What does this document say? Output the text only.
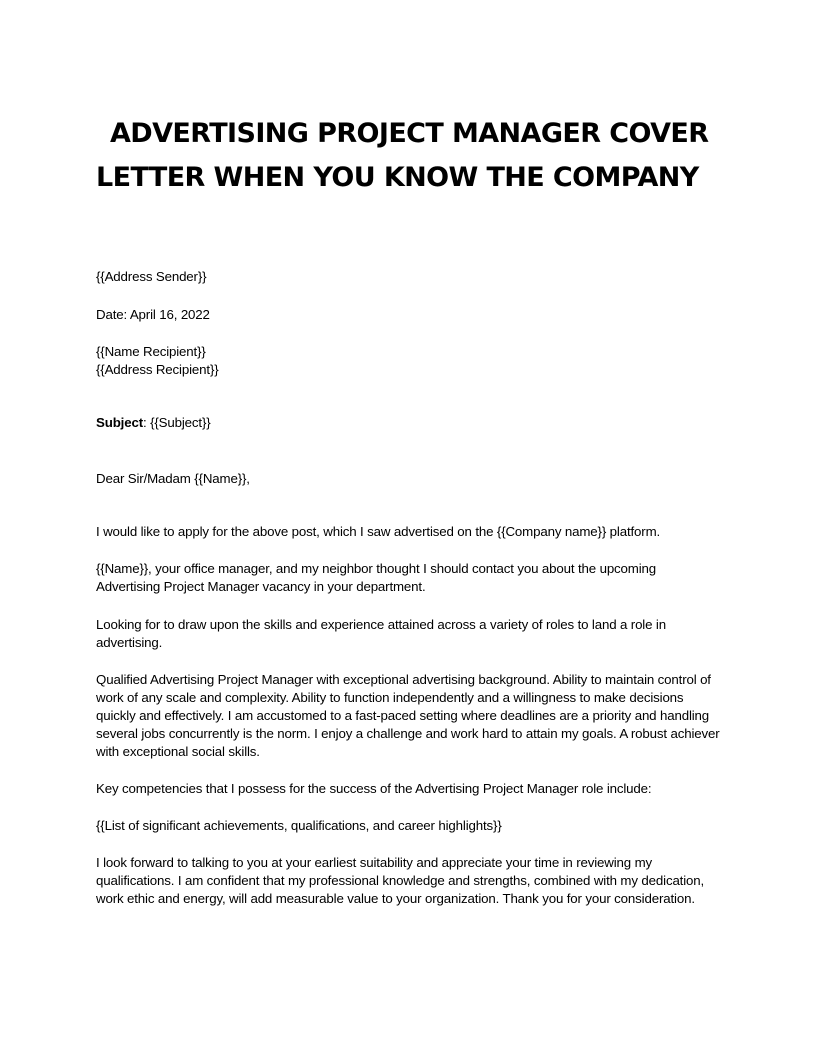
ADVERTISING PROJECT MANAGER COVER
LETTER WHEN YOU KNOW THE COMPANY

{{Address Sender}}

Date: April 16, 2022

{{Name Recipient}}

{{Address Recipient}}

Subject: {{Subject}}

Dear Sir/Madam {{Name}},

I would like to apply for the above post, which I saw advertised on the {{Company name}} platform.

{{Name}}, your office manager, and my neighbor thought I should contact you about the upcoming Advertising Project Manager vacancy in your department.

Looking for to draw upon the skills and experience attained across a variety of roles to land a role in advertising.

Qualified Advertising Project Manager with exceptional advertising background. Ability to maintain control of work of any scale and complexity. Ability to function independently and a willingness to make decisions quickly and effectively. I am accustomed to a fast-paced setting where deadlines are a priority and handling several jobs concurrently is the norm. I enjoy a challenge and work hard to attain my goals. A robust achiever with exceptional social skills.

Key competencies that I possess for the success of the Advertising Project Manager role include:

{{List of significant achievements, qualifications, and career highlights}}

I look forward to talking to you at your earliest suitability and appreciate your time in reviewing my qualifications. I am confident that my professional knowledge and strengths, combined with my dedication, work ethic and energy, will add measurable value to your organization. Thank you for your consideration.
